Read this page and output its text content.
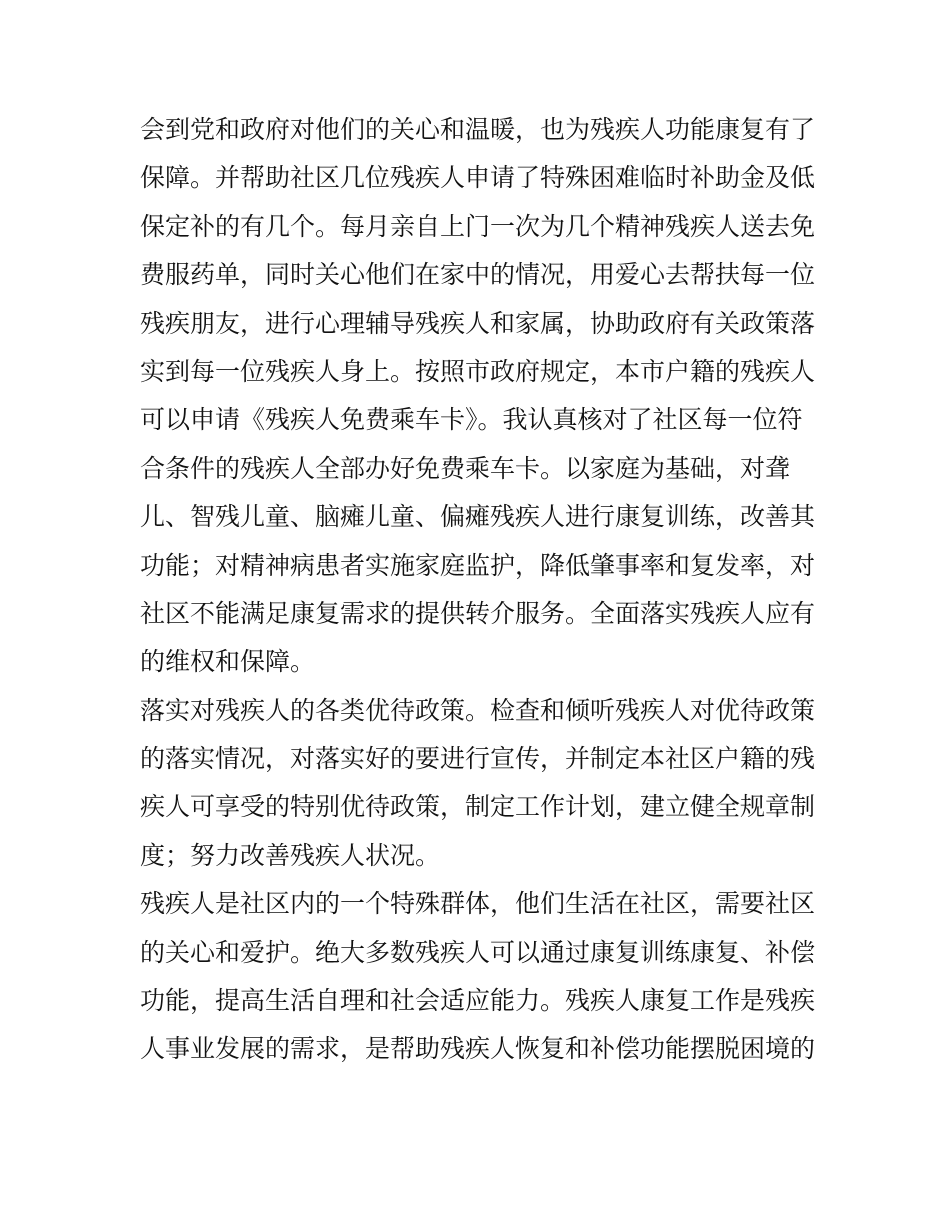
会到党和政府对他们的关心和温暖，也为残疾人功能康复有了
保障。并帮助社区几位残疾人申请了特殊困难临时补助金及低
保定补的有几个。每月亲自上门一次为几个精神残疾人送去免
费服药单，同时关心他们在家中的情况，用爱心去帮扶每一位
残疾朋友，进行心理辅导残疾人和家属，协助政府有关政策落
实到每一位残疾人身上。按照市政府规定，本市户籍的残疾人
可以申请《残疾人免费乘车卡》。我认真核对了社区每一位符
合条件的残疾人全部办好免费乘车卡。以家庭为基础，对聋
儿、智残儿童、脑瘫儿童、偏瘫残疾人进行康复训练，改善其
功能；对精神病患者实施家庭监护，降低肇事率和复发率，对
社区不能满足康复需求的提供转介服务。全面落实残疾人应有
的维权和保障。
落实对残疾人的各类优待政策。检查和倾听残疾人对优待政策
的落实情况，对落实好的要进行宣传，并制定本社区户籍的残
疾人可享受的特别优待政策，制定工作计划，建立健全规章制
度；努力改善残疾人状况。
残疾人是社区内的一个特殊群体，他们生活在社区，需要社区
的关心和爱护。绝大多数残疾人可以通过康复训练康复、补偿
功能，提高生活自理和社会适应能力。残疾人康复工作是残疾
人事业发展的需求，是帮助残疾人恢复和补偿功能摆脱困境的
